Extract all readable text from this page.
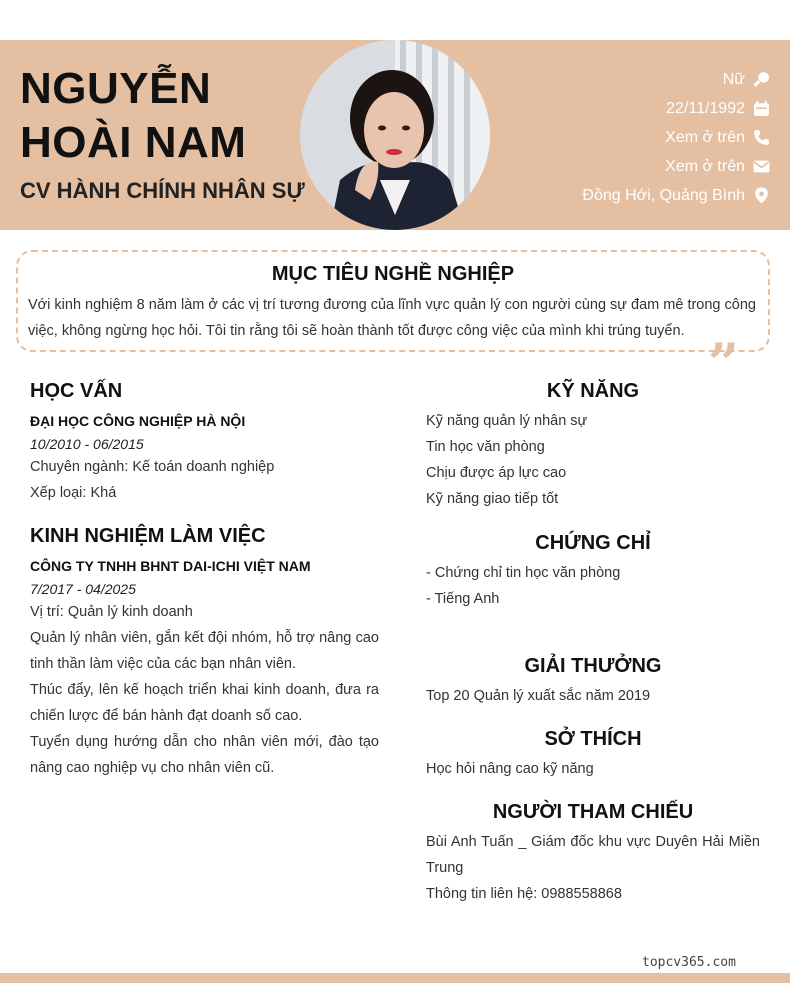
NGUYỄN
HOÀI NAM
CV HÀNH CHÍNH NHÂN SỰ
Nữ
22/11/1992
Xem ở trên
Xem ở trên
Đồng Hới, Quảng Bình
MỤC TIÊU NGHỀ NGHIỆP

Với kinh nghiệm 8 năm làm ở các vị trí tương đương của lĩnh vực quản lý con người cùng sự đam mê trong công việc, không ngừng học hỏi. Tôi tin rằng tôi sẽ hoàn thành tốt được công việc của mình khi trúng tuyển. ”
HỌC VẤN
ĐẠI HỌC CÔNG NGHIỆP HÀ NỘI
10/2010 - 06/2015
Chuyên ngành: Kế toán doanh nghiệp
Xếp loại: Khá
KINH NGHIỆM LÀM VIỆC
CÔNG TY TNHH BHNT DAI-ICHI VIỆT NAM
7/2017 - 04/2025
Vị trí: Quản lý kinh doanh
Quản lý nhân viên, gắn kết đội nhóm, hỗ trợ nâng cao tinh thần làm việc của các bạn nhân viên.
Thúc đẩy, lên kế hoạch triển khai kinh doanh, đưa ra chiến lược để bán hành đạt doanh số cao.
Tuyển dụng hướng dẫn cho nhân viên mới, đào tạo nâng cao nghiệp vụ cho nhân viên cũ.
KỸ NĂNG
Kỹ năng quản lý nhân sự
Tin học văn phòng
Chịu được áp lực cao
Kỹ năng giao tiếp tốt
CHỨNG CHỈ
- Chứng chỉ tin học văn phòng
- Tiếng Anh
GIẢI THƯỞNG
Top 20 Quản lý xuất sắc năm 2019
SỞ THÍCH
Học hỏi nâng cao kỹ năng
NGƯỜI THAM CHIẾU
Bùi Anh Tuấn _ Giám đốc khu vực Duyên Hải Miền Trung
Thông tin liên hệ: 0988558868
topcv365.com
